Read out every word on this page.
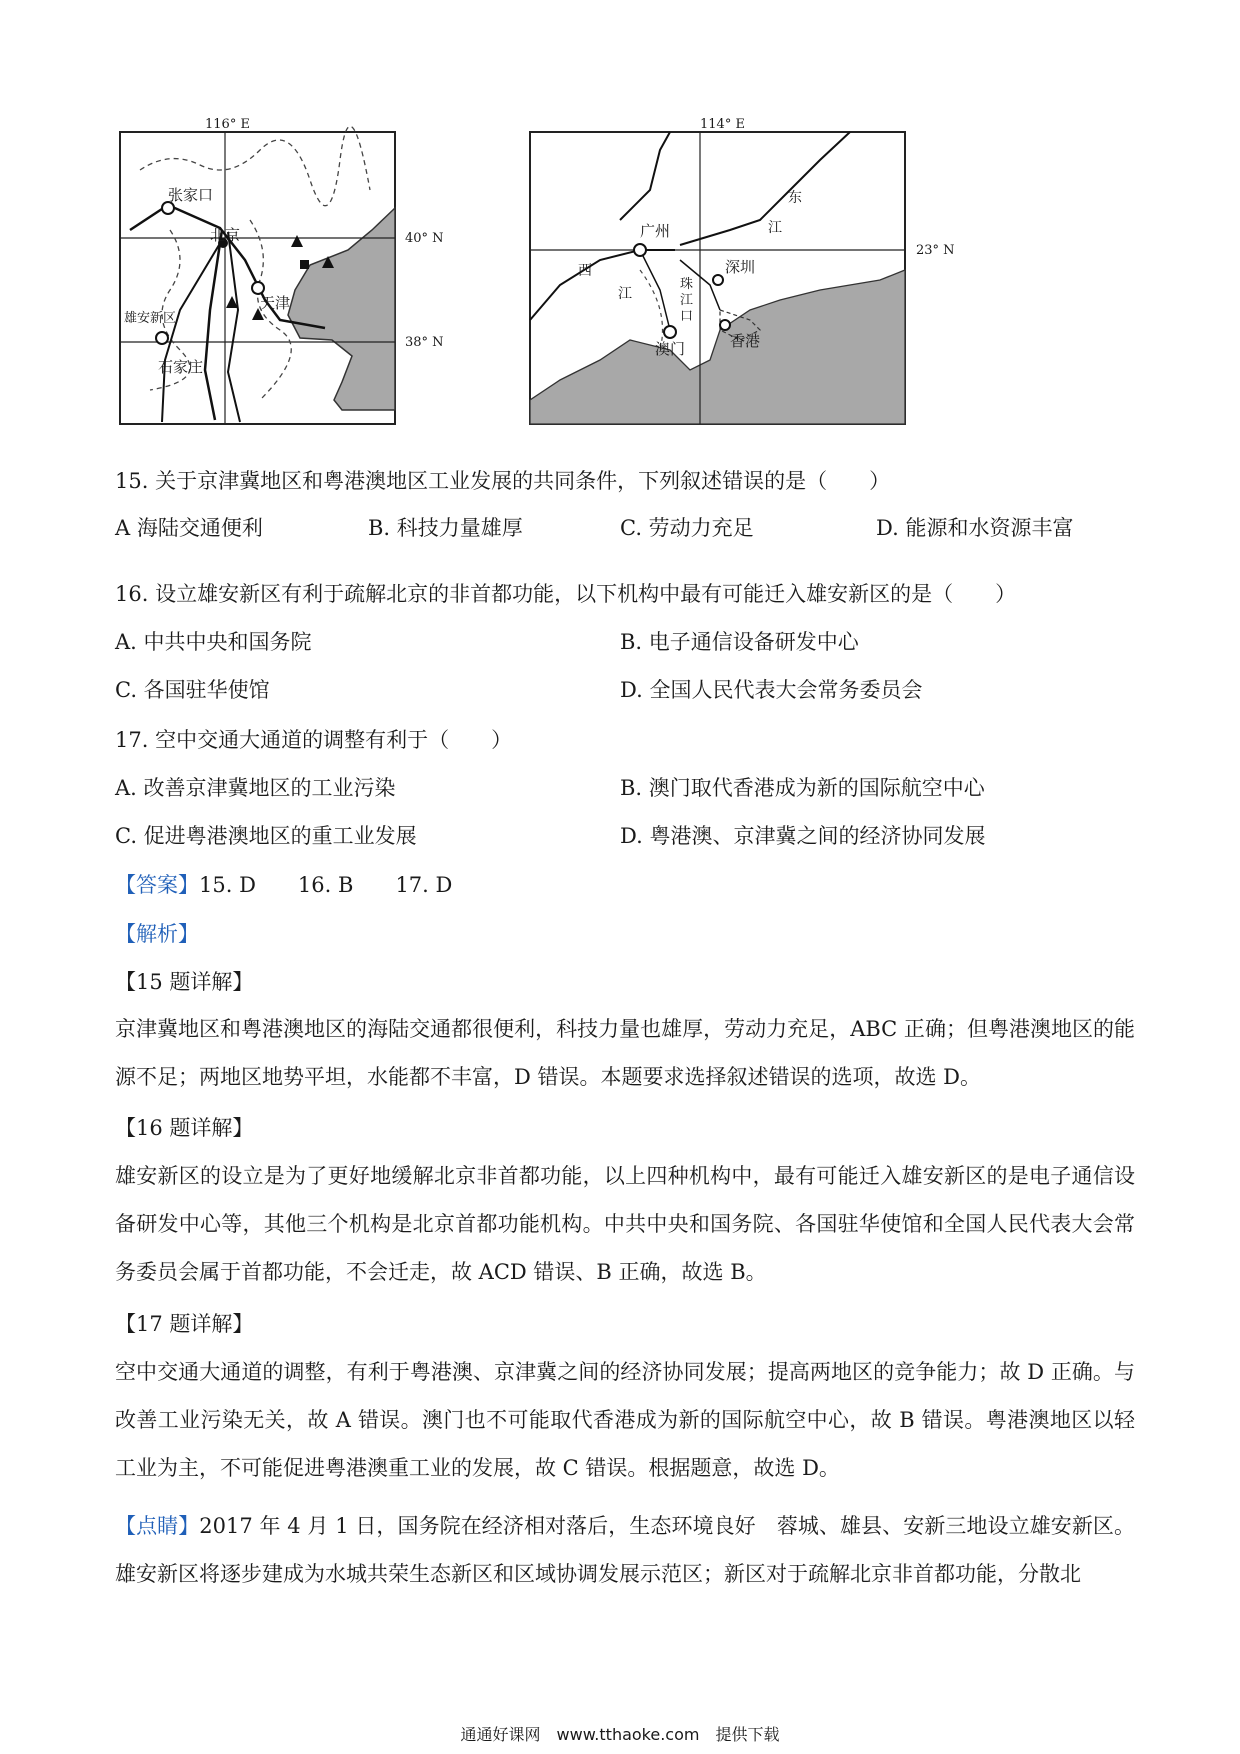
116° E
40° N
38° N
张家口
北京
雄安新区
天津
石家庄
114° E
23° N
广州
深圳
澳门	香港
东
江
西
江
珠
江
口
15. 关于京津冀地区和粤港澳地区工业发展的共同条件，下列叙述错误的是（　　）
A 海陆交通便利	B. 科技力量雄厚	C. 劳动力充足	D. 能源和水资源丰富
16. 设立雄安新区有利于疏解北京的非首都功能，以下机构中最有可能迁入雄安新区的是（　　）
A. 中共中央和国务院	B. 电子通信设备研发中心
C. 各国驻华使馆	D. 全国人民代表大会常务委员会
17. 空中交通大通道的调整有利于（　　）
A. 改善京津冀地区的工业污染	B. 澳门取代香港成为新的国际航空中心
C. 促进粤港澳地区的重工业发展	D. 粤港澳、京津冀之间的经济协同发展
【答案】15. D 16. B 17. D
【解析】
【15 题详解】
京津冀地区和粤港澳地区的海陆交通都很便利，科技力量也雄厚，劳动力充足，ABC 正确；但粤港澳地区的能源不足；两地区地势平坦，水能都不丰富，D 错误。本题要求选择叙述错误的选项，故选 D。
【16 题详解】
雄安新区的设立是为了更好地缓解北京非首都功能，以上四种机构中，最有可能迁入雄安新区的是电子通信设备研发中心等，其他三个机构是北京首都功能机构。中共中央和国务院、各国驻华使馆和全国人民代表大会常务委员会属于首都功能，不会迁走，故 ACD 错误、B 正确，故选 B。
【17 题详解】
空中交通大通道的调整，有利于粤港澳、京津冀之间的经济协同发展；提高两地区的竞争能力；故 D 正确。与改善工业污染无关，故 A 错误。澳门也不可能取代香港成为新的国际航空中心，故 B 错误。粤港澳地区以轻工业为主，不可能促进粤港澳重工业的发展，故 C 错误。根据题意，故选 D。
【点睛】2017 年 4 月 1 日，国务院在经济相对落后，生态环境良好　蓉城、雄县、安新三地设立雄安新区。雄安新区将逐步建成为水城共荣生态新区和区域协调发展示范区；新区对于疏解北京非首都功能，分散北
通通好课网　www.tthaoke.com　提供下载
